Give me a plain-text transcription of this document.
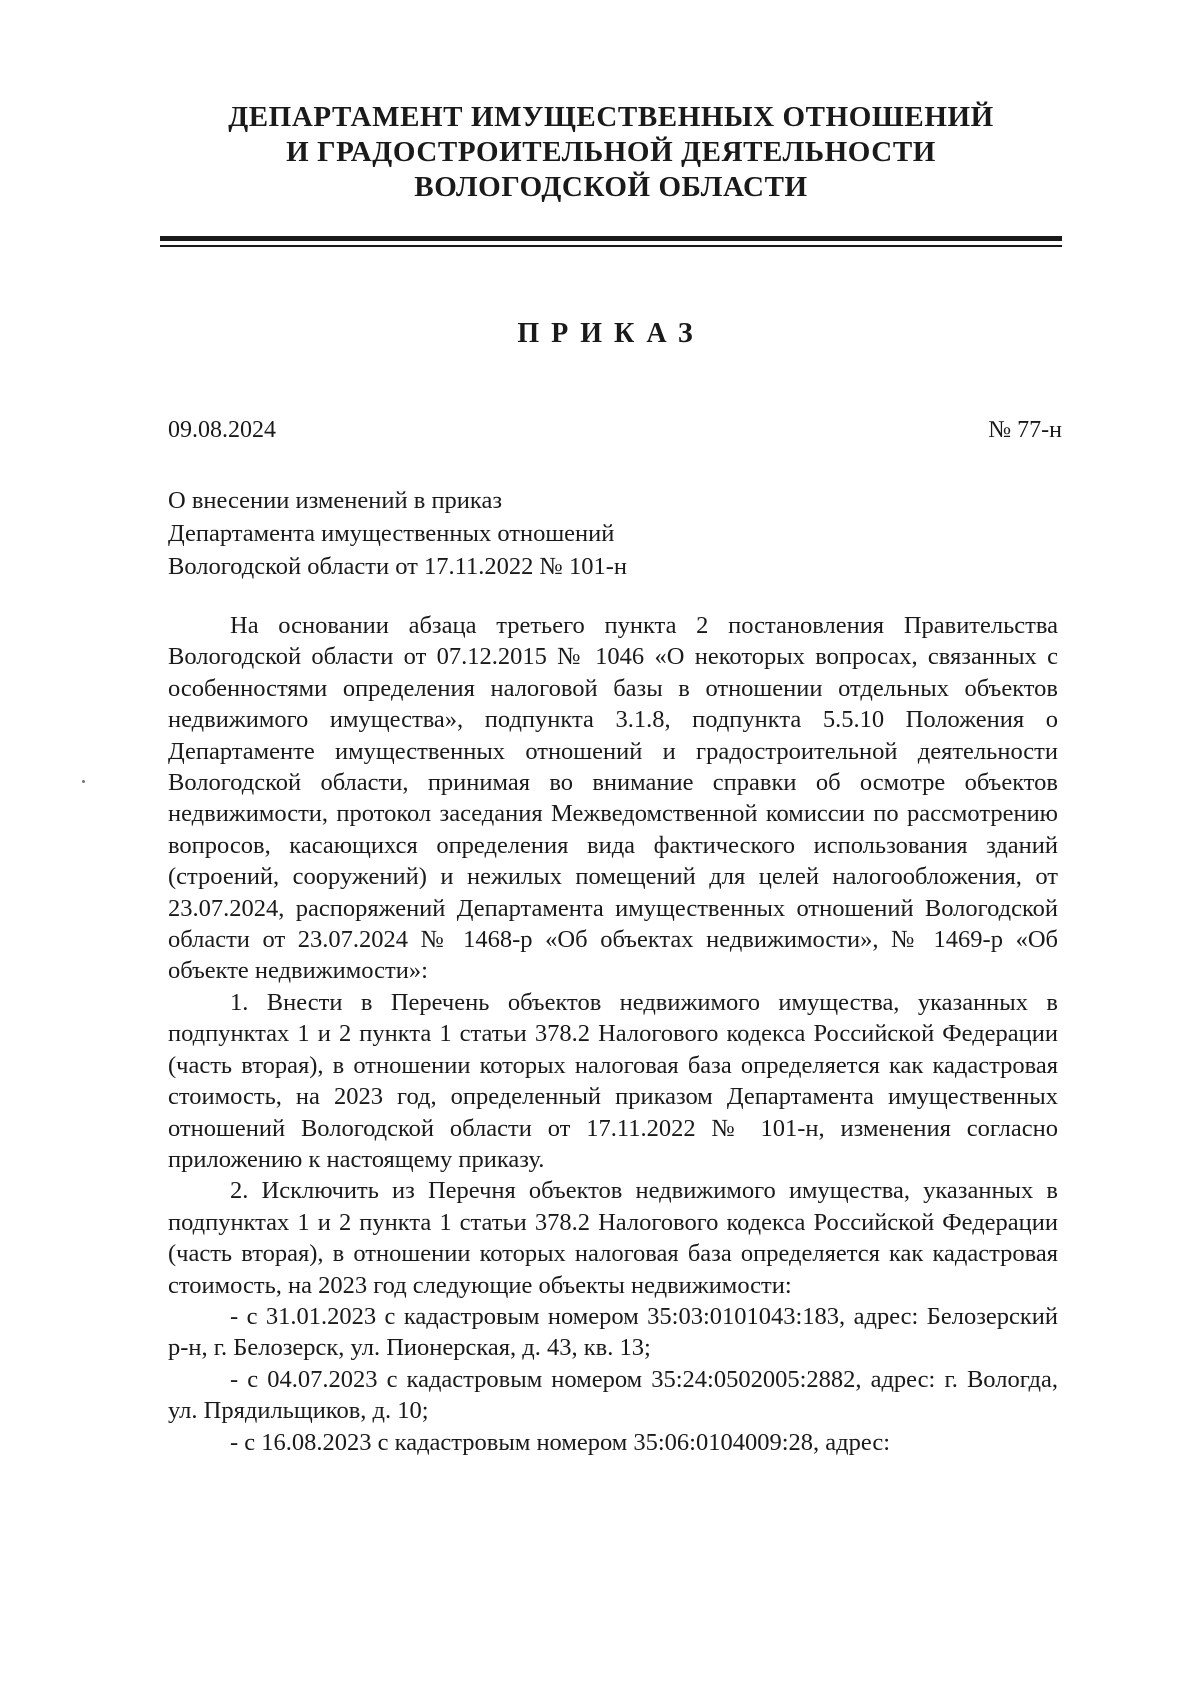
ДЕПАРТАМЕНТ ИМУЩЕСТВЕННЫХ ОТНОШЕНИЙ
И ГРАДОСТРОИТЕЛЬНОЙ ДЕЯТЕЛЬНОСТИ
ВОЛОГОДСКОЙ ОБЛАСТИ
ПРИКАЗ
09.08.2024	№ 77-н
О внесении изменений в приказ
Департамента имущественных отношений
Вологодской области от 17.11.2022 № 101-н

На основании абзаца третьего пункта 2 постановления Правительства Вологодской области от 07.12.2015 № 1046 «О некоторых вопросах, связанных с особенностями определения налоговой базы в отношении отдельных объектов недвижимого имущества», подпункта 3.1.8, подпункта 5.5.10 Положения о Департаменте имущественных отношений и градостроительной деятельности Вологодской области, принимая во внимание справки об осмотре объектов недвижимости, протокол заседания Межведомственной комиссии по рассмотрению вопросов, касающихся определения вида фактического использования зданий (строений, сооружений) и нежилых помещений для целей налогообложения, от 23.07.2024, распоряжений Департамента имущественных отношений Вологодской области от 23.07.2024 № 1468-р «Об объектах недвижимости», № 1469-р «Об объекте недвижимости»:

1. Внести в Перечень объектов недвижимого имущества, указанных в подпунктах 1 и 2 пункта 1 статьи 378.2 Налогового кодекса Российской Федерации (часть вторая), в отношении которых налоговая база определяется как кадастровая стоимость, на 2023 год, определенный приказом Департамента имущественных отношений Вологодской области от 17.11.2022 № 101-н, изменения согласно приложению к настоящему приказу.

2. Исключить из Перечня объектов недвижимого имущества, указанных в подпунктах 1 и 2 пункта 1 статьи 378.2 Налогового кодекса Российской Федерации (часть вторая), в отношении которых налоговая база определяется как кадастровая стоимость, на 2023 год следующие объекты недвижимости:

- с 31.01.2023 с кадастровым номером 35:03:0101043:183, адрес: Белозерский р-н, г. Белозерск, ул. Пионерская, д. 43, кв. 13;

- с 04.07.2023 с кадастровым номером 35:24:0502005:2882, адрес: г. Вологда, ул. Прядильщиков, д. 10;

- с 16.08.2023 с кадастровым номером 35:06:0104009:28, адрес:
